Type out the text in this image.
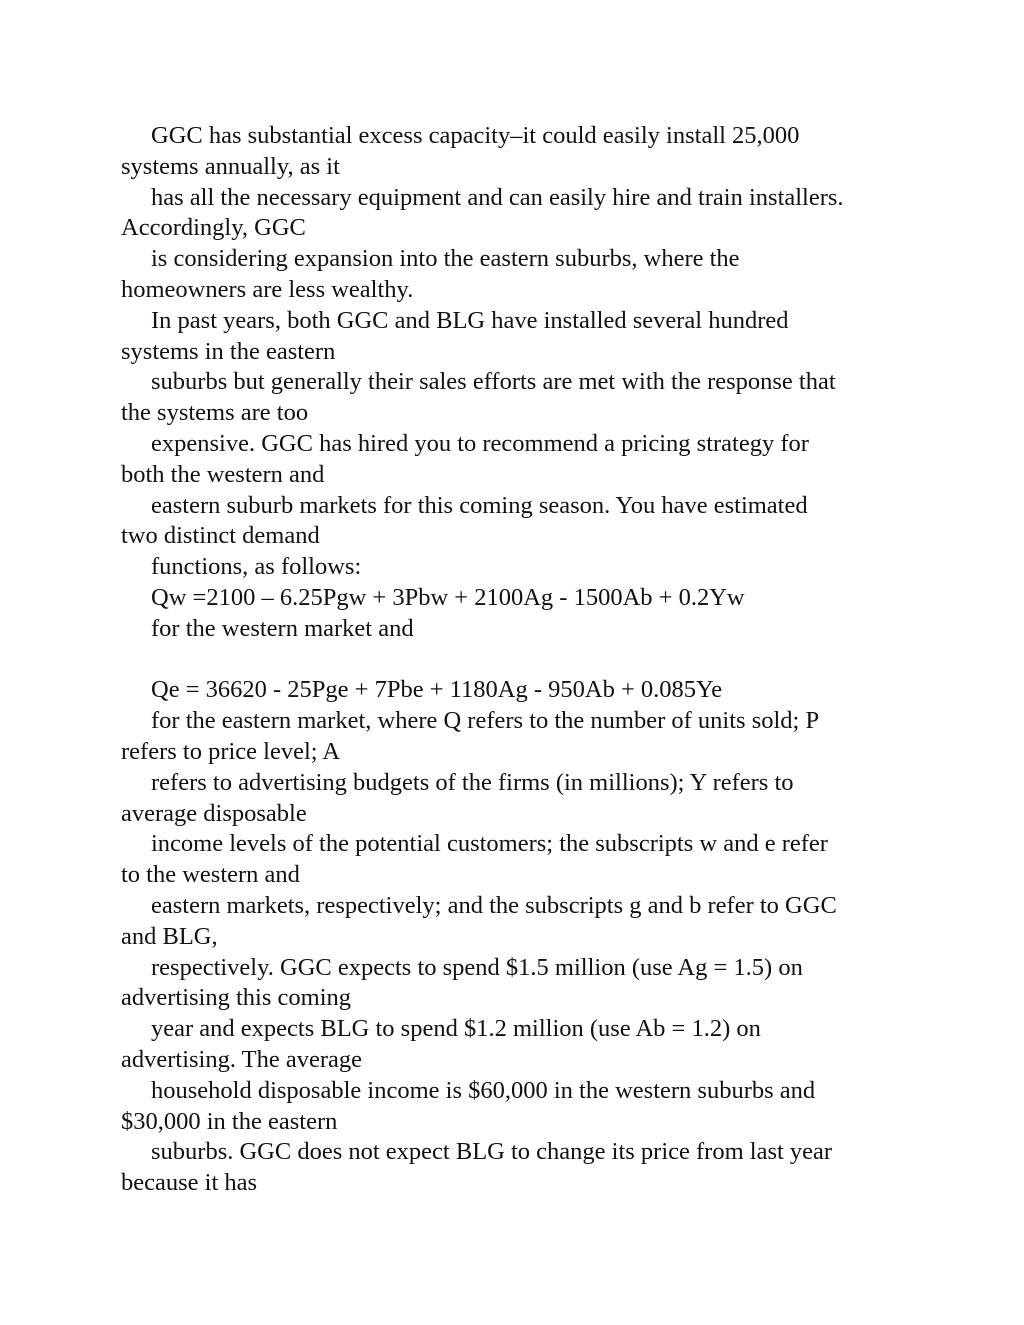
GGC has substantial excess capacity–it could easily install 25,000
systems annually, as it
has all the necessary equipment and can easily hire and train installers.
Accordingly, GGC
is considering expansion into the eastern suburbs, where the
homeowners are less wealthy.
In past years, both GGC and BLG have installed several hundred
systems in the eastern
suburbs but generally their sales efforts are met with the response that
the systems are too
expensive. GGC has hired you to recommend a pricing strategy for
both the western and
eastern suburb markets for this coming season. You have estimated
two distinct demand
functions, as follows:
Qw =2100 – 6.25Pgw + 3Pbw + 2100Ag - 1500Ab + 0.2Yw
for the western market and
Qe = 36620 - 25Pge + 7Pbe + 1180Ag - 950Ab + 0.085Ye
for the eastern market, where Q refers to the number of units sold; P
refers to price level; A
refers to advertising budgets of the firms (in millions); Y refers to
average disposable
income levels of the potential customers; the subscripts w and e refer
to the western and
eastern markets, respectively; and the subscripts g and b refer to GGC
and BLG,
respectively. GGC expects to spend $1.5 million (use Ag = 1.5) on
advertising this coming
year and expects BLG to spend $1.2 million (use Ab = 1.2) on
advertising. The average
household disposable income is $60,000 in the western suburbs and
$30,000 in the eastern
suburbs. GGC does not expect BLG to change its price from last year
because it has
